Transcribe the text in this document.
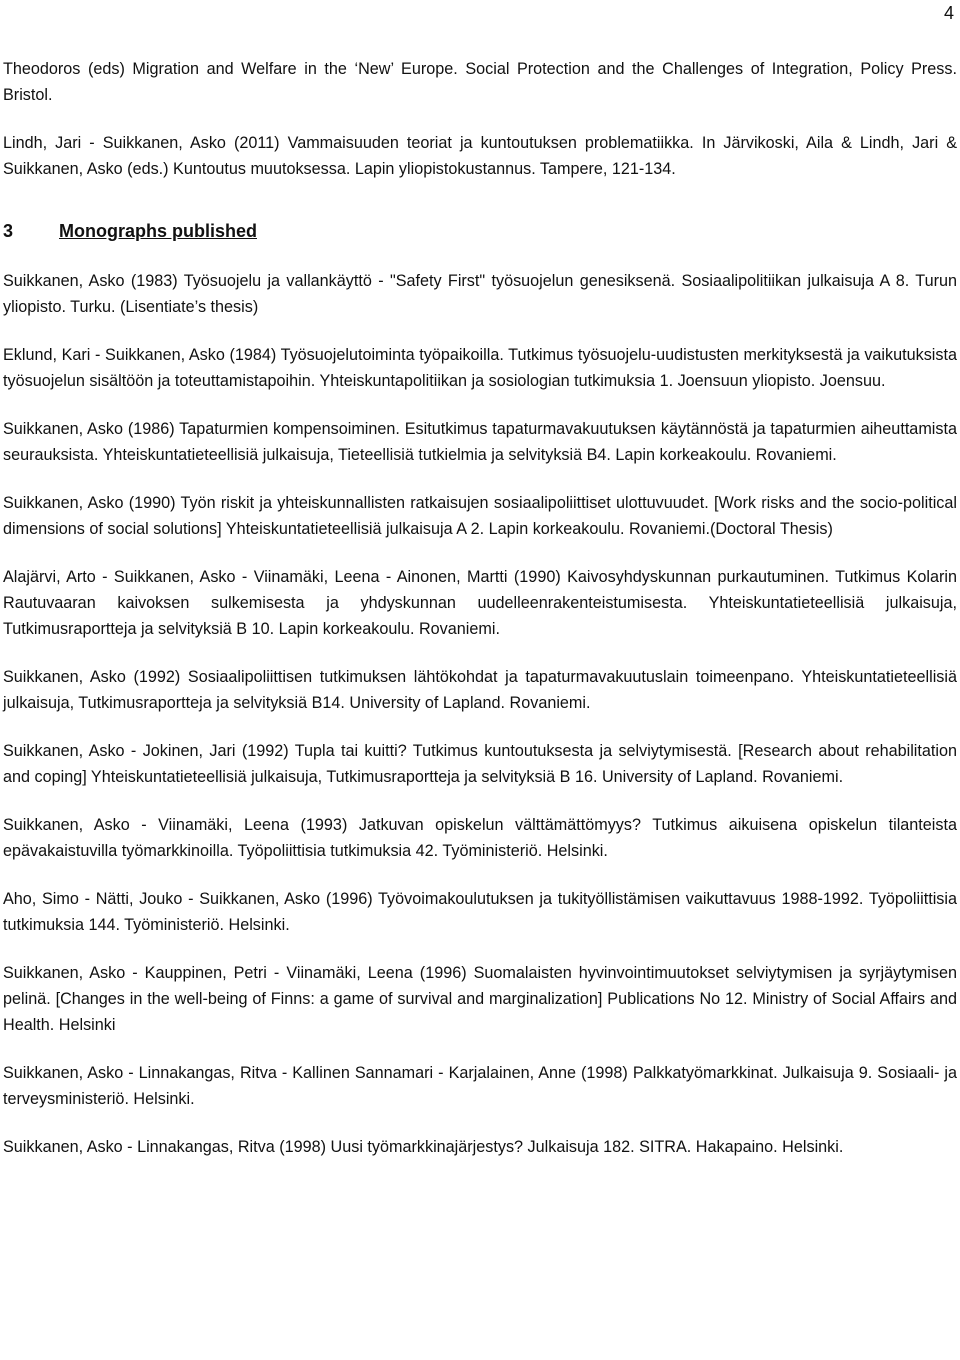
4

Theodoros (eds) Migration and Welfare in the ‘New’ Europe. Social Protection and the Challenges of Integration, Policy Press. Bristol.

Lindh, Jari - Suikkanen, Asko (2011) Vammaisuuden teoriat ja kuntoutuksen problematiikka. In Järvikoski, Aila & Lindh, Jari & Suikkanen, Asko (eds.) Kuntoutus muutoksessa. Lapin yliopistokustannus. Tampere, 121-134.

3	Monographs published

Suikkanen, Asko (1983) Työsuojelu ja vallankäyttö - "Safety First" työsuojelun genesiksenä. Sosiaalipolitiikan julkaisuja A 8. Turun yliopisto. Turku. (Lisentiate’s thesis)

Eklund, Kari - Suikkanen, Asko (1984) Työsuojelutoiminta työpaikoilla. Tutkimus työsuojelu-uudistusten merkityksestä ja vaikutuksista työsuojelun sisältöön ja toteuttamistapoihin. Yhteiskuntapolitiikan ja sosiologian tutkimuksia 1. Joensuun yliopisto. Joensuu.

Suikkanen, Asko (1986) Tapaturmien kompensoiminen. Esitutkimus tapaturmavakuutuksen käytännöstä ja tapaturmien aiheuttamista seurauksista. Yhteiskuntatieteellisiä julkaisuja, Tieteellisiä tutkielmia ja selvityksiä B4. Lapin korkeakoulu. Rovaniemi.

Suikkanen, Asko (1990) Työn riskit ja yhteiskunnallisten ratkaisujen sosiaalipoliittiset ulottuvuudet. [Work risks and the socio-political dimensions of social solutions] Yhteiskuntatieteellisiä julkaisuja A 2. Lapin korkeakoulu. Rovaniemi.(Doctoral Thesis)

Alajärvi, Arto - Suikkanen, Asko - Viinamäki, Leena - Ainonen, Martti (1990) Kaivosyhdyskunnan purkautuminen. Tutkimus Kolarin Rautuvaaran kaivoksen sulkemisesta ja yhdyskunnan uudelleenrakenteistumisesta. Yhteiskuntatieteellisiä julkaisuja, Tutkimusraportteja ja selvityksiä B 10. Lapin korkeakoulu. Rovaniemi.

Suikkanen, Asko (1992) Sosiaalipoliittisen tutkimuksen lähtökohdat ja tapaturmavakuutuslain toimeenpano. Yhteiskuntatieteellisiä julkaisuja, Tutkimusraportteja ja selvityksiä B14. University of Lapland. Rovaniemi.

Suikkanen, Asko - Jokinen, Jari (1992) Tupla tai kuitti? Tutkimus kuntoutuksesta ja selviytymisestä. [Research about rehabilitation and coping] Yhteiskuntatieteellisiä julkaisuja, Tutkimusraportteja ja selvityksiä B 16. University of Lapland. Rovaniemi.

Suikkanen, Asko - Viinamäki, Leena (1993) Jatkuvan opiskelun välttämättömyys? Tutkimus aikuisena opiskelun tilanteista epävakaistuvilla työmarkkinoilla. Työpoliittisia tutkimuksia 42. Työministeriö. Helsinki.

Aho, Simo - Nätti, Jouko - Suikkanen, Asko (1996) Työvoimakoulutuksen ja tukityöllistämisen vaikuttavuus 1988-1992. Työpoliittisia tutkimuksia 144. Työministeriö. Helsinki.

Suikkanen, Asko - Kauppinen, Petri - Viinamäki, Leena (1996) Suomalaisten hyvinvointimuutokset selviytymisen ja syrjäytymisen pelinä. [Changes in the well-being of Finns: a game of survival and marginalization] Publications No 12. Ministry of Social Affairs and Health. Helsinki

Suikkanen, Asko - Linnakangas, Ritva - Kallinen Sannamari - Karjalainen, Anne (1998) Palkkatyömarkkinat. Julkaisuja 9. Sosiaali- ja terveysministeriö. Helsinki.

Suikkanen, Asko - Linnakangas, Ritva (1998) Uusi työmarkkinajärjestys? Julkaisuja 182. SITRA. Hakapaino. Helsinki.
